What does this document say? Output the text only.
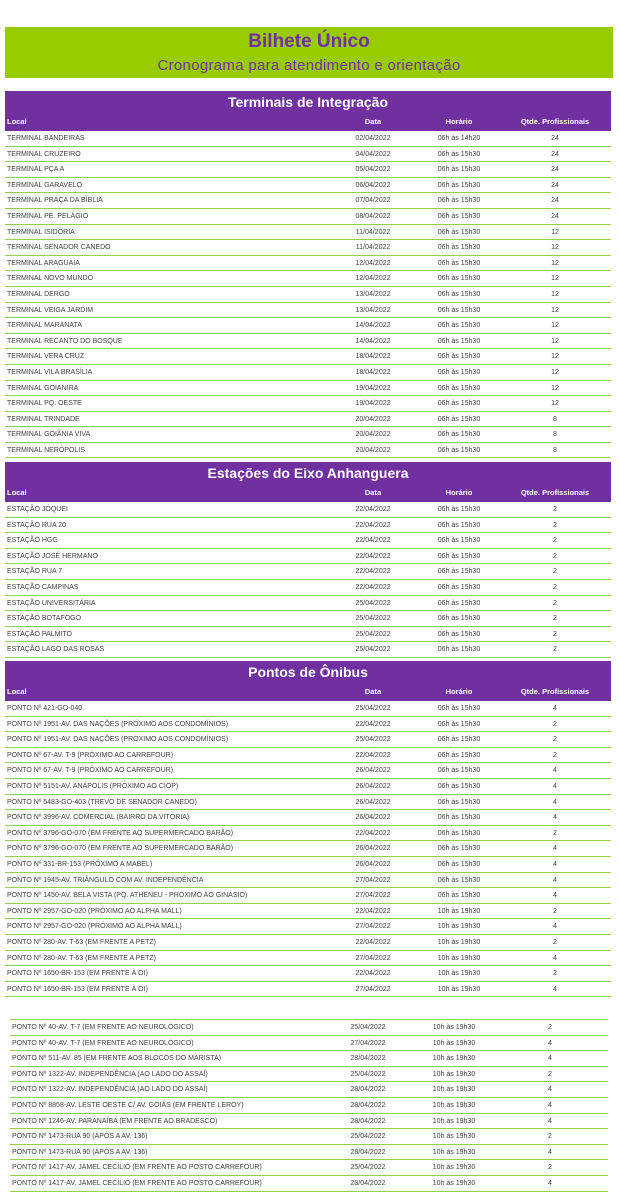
Bilhete Único
Cronograma para atendimento e orientação
Terminais de Integração
Local	Data	Horário	Qtde. Profissionais
TERMINAL BANDEIRAS	02/04/2022	06h às 14h20	24
TERMINAL CRUZEIRO	04/04/2022	06h às 15h30	24
TERMINAL PÇA A	05/04/2022	06h às 15h30	24
TERMINAL GARAVELO	06/04/2022	06h às 15h30	24
TERMINAL PRAÇA DA BÍBLIA	07/04/2022	06h às 15h30	24
TERMINAL PE. PELÁGIO	08/04/2022	06h às 15h30	24
TERMINAL ISIDÓRIA	11/04/2022	06h às 15h30	12
TERMINAL SENADOR CANEDO	11/04/2022	06h às 15h30	12
TERMINAL ARAGUAIA	12/04/2022	06h às 15h30	12
TERMINAL NOVO MUNDO	12/04/2022	06h às 15h30	12
TERMINAL DERGO	13/04/2022	06h às 15h30	12
TERMINAL VEIGA JARDIM	13/04/2022	06h às 15h30	12
TERMINAL MARANATA	14/04/2022	06h às 15h30	12
TERMINAL RECANTO DO BOSQUE	14/04/2022	06h às 15h30	12
TERMINAL VERA CRUZ	18/04/2022	06h às 15h30	12
TERMINAL VILA BRASÍLIA	18/04/2022	06h às 15h30	12
TERMINAL GOIANIRA	19/04/2022	06h às 15h30	12
TERMINAL PQ. OESTE	19/04/2022	06h às 15h30	12
TERMINAL TRINDADE	20/04/2022	06h às 15h30	8
TERMINAL GOIÂNIA VIVA	20/04/2022	06h às 15h30	8
TERMINAL NERÓPOLIS	20/04/2022	06h às 15h30	8
Estações do Eixo Anhanguera
Local	Data	Horário	Qtde. Profissionais
ESTAÇÃO JÓQUEI	22/04/2022	06h às 15h30	2
ESTAÇÃO RUA 20	22/04/2022	06h às 15h30	2
ESTAÇÃO HGG	22/04/2022	06h às 15h30	2
ESTAÇÃO JOSÉ HERMANO	22/04/2022	06h às 15h30	2
ESTAÇÃO RUA 7	22/04/2022	06h às 15h30	2
ESTAÇÃO CAMPINAS	22/04/2022	06h às 15h30	2
ESTAÇÃO UNIVERSITÁRIA	25/04/2022	06h às 15h30	2
ESTAÇÃO BOTAFOGO	25/04/2022	06h às 15h30	2
ESTAÇÃO PALMITO	25/04/2022	06h às 15h30	2
ESTAÇÃO LAGO DAS ROSAS	25/04/2022	06h às 15h30	2
Pontos de Ônibus
Local	Data	Horário	Qtde. Profissionais
PONTO Nº 421-GO-040	25/04/2022	06h às 15h30	4
PONTO Nº 1951-AV. DAS NAÇÕES (PRÓXIMO AOS CONDOMÍNIOS)	22/04/2022	06h às 15h30	2
PONTO Nº 1951-AV. DAS NAÇÕES (PRÓXIMO AOS CONDOMÍNIOS)	25/04/2022	06h às 15h30	2
PONTO Nº 67-AV. T-9 (PRÓXIMO AO CARREFOUR)	22/04/2022	06h às 15h30	2
PONTO Nº 67-AV. T-9 (PRÓXIMO AO CARREFOUR)	26/04/2022	06h às 15h30	4
PONTO Nº 5151-AV. ANÁPOLIS (PRÓXIMO AO CIOP)	26/04/2022	06h às 15h30	4
PONTO Nº 5483-GO-403 (TREVO DE SENADOR CANEDO)	26/04/2022	06h às 15h30	4
PONTO Nº 3996-AV. COMERCIAL (BAIRRO DA VITÓRIA)	26/04/2022	06h às 15h30	4
PONTO Nº 3796-GO-070 (EM FRENTE AO SUPERMERCADO BARÃO)	22/04/2022	06h às 15h30	2
PONTO Nº 3796-GO-070 (EM FRENTE AO SUPERMERCADO BARÃO)	26/04/2022	06h às 15h30	4
PONTO Nº 331-BR-153 (PRÓXIMO A MABEL)	26/04/2022	06h às 15h30	4
PONTO Nº 1945-AV. TRIÂNGULO COM AV. INDEPENDÊNCIA	27/04/2022	06h às 15h30	4
PONTO Nº 1450-AV. BELA VISTA (PQ. ATHENEU - PRÓXIMO AO GINÁSIO)	27/04/2022	06h às 15h30	4
PONTO Nº 2957-GO-020 (PRÓXIMO AO ALPHA MALL)	22/04/2022	10h às 19h30	2
PONTO Nº 2957-GO-020 (PRÓXIMO AO ALPHA MALL)	27/04/2022	10h às 19h30	4
PONTO Nº 280-AV. T-63 (EM FRENTE A PETZ)	22/04/2022	10h às 19h30	2
PONTO Nº 280-AV. T-63 (EM FRENTE A PETZ)	27/04/2022	10h às 19h30	4
PONTO Nº 1650-BR-153 (EM FRENTE À OI)	22/04/2022	10h às 19h30	2
PONTO Nº 1650-BR-153 (EM FRENTE À OI)	27/04/2022	10h às 19h30	4
PONTO Nº 40-AV. T-7 (EM FRENTE AO NEUROLÓGICO)	25/04/2022	10h às 19h30	2
PONTO Nº 40-AV. T-7 (EM FRENTE AO NEUROLÓGICO)	27/04/2022	10h às 19h30	4
PONTO Nº 511-AV. 85 (EM FRENTE AOS BLOCOS DO MARISTA)	28/04/2022	10h às 19h30	4
PONTO Nº 1322-AV. INDEPENDÊNCIA (AO LADO DO ASSAÍ)	25/04/2022	10h às 19h30	2
PONTO Nº 1322-AV. INDEPENDÊNCIA (AO LADO DO ASSAÍ)	28/04/2022	10h às 19h30	4
PONTO Nº 8858-AV. LESTE OESTE C/ AV. GOIÁS (EM FRENTE LEROY)	28/04/2022	10h às 19h30	4
PONTO Nº 1246-AV. PARANAÍBA (EM FRENTE AO BRADESCO)	28/04/2022	10h às 19h30	4
PONTO Nº 1473-RUA 90 (APÓS A AV. 136)	25/04/2022	10h às 19h30	2
PONTO Nº 1473-RUA 90 (APÓS A AV. 136)	28/04/2022	10h às 19h30	4
PONTO Nº 1417-AV. JAMEL CECÍLIO (EM FRENTE AO POSTO CARREFOUR)	25/04/2022	10h às 19h30	2
PONTO Nº 1417-AV. JAMEL CECÍLIO (EM FRENTE AO POSTO CARREFOUR)	28/04/2022	10h às 19h30	4
